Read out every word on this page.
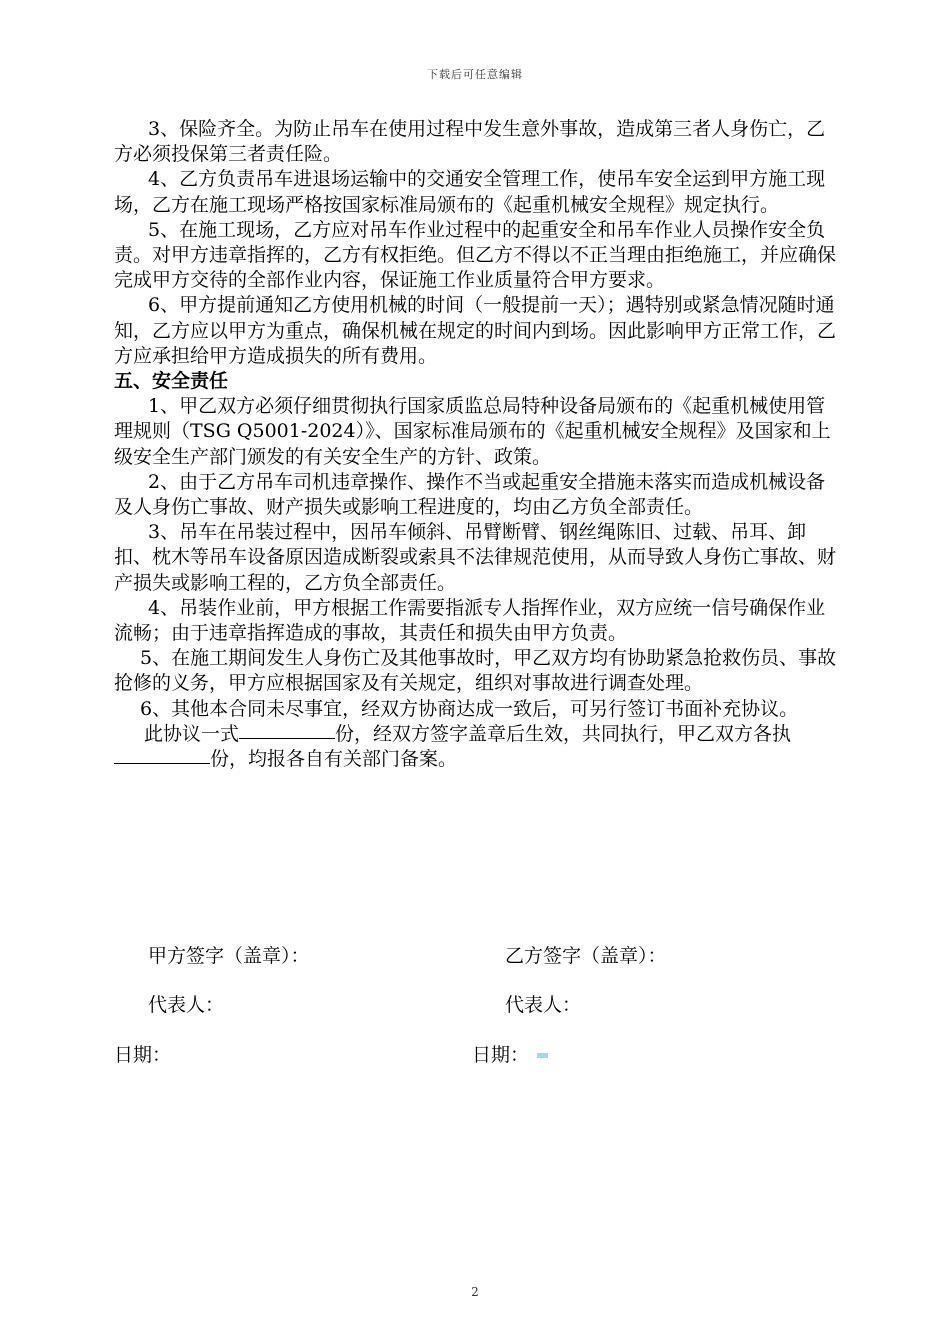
下载后可任意编辑

3、保险齐全。为防止吊车在使用过程中发生意外事故，造成第三者人身伤亡，乙方必须投保第三者责任险。

4、乙方负责吊车进退场运输中的交通安全管理工作，使吊车安全运到甲方施工现场，乙方在施工现场严格按国家标准局颁布的《起重机械安全规程》规定执行。

5、在施工现场，乙方应对吊车作业过程中的起重安全和吊车作业人员操作安全负责。对甲方违章指挥的，乙方有权拒绝。但乙方不得以不正当理由拒绝施工，并应确保完成甲方交待的全部作业内容，保证施工作业质量符合甲方要求。

6、甲方提前通知乙方使用机械的时间（一般提前一天）；遇特别或紧急情况随时通知，乙方应以甲方为重点，确保机械在规定的时间内到场。因此影响甲方正常工作，乙方应承担给甲方造成损失的所有费用。

五、安全责任

1、甲乙双方必须仔细贯彻执行国家质监总局特种设备局颁布的《起重机械使用管理规则（TSG Q5001-2024）》、国家标准局颁布的《起重机械安全规程》及国家和上级安全生产部门颁发的有关安全生产的方针、政策。

2、由于乙方吊车司机违章操作、操作不当或起重安全措施未落实而造成机械设备及人身伤亡事故、财产损失或影响工程进度的，均由乙方负全部责任。

3、吊车在吊装过程中，因吊车倾斜、吊臂断臂、钢丝绳陈旧、过载、吊耳、卸扣、枕木等吊车设备原因造成断裂或索具不法律规范使用，从而导致人身伤亡事故、财产损失或影响工程的，乙方负全部责任。

4、吊装作业前，甲方根据工作需要指派专人指挥作业，双方应统一信号确保作业流畅；由于违章指挥造成的事故，其责任和损失由甲方负责。

5、在施工期间发生人身伤亡及其他事故时，甲乙双方均有协助紧急抢救伤员、事故抢修的义务，甲方应根据国家及有关规定，组织对事故进行调查处理。

6、其他本合同未尽事宜，经双方协商达成一致后，可另行签订书面补充协议。

此协议一式	份，经双方签字盖章后生效，共同执行，甲乙双方各执份，均报各自有关部门备案。

甲方签字（盖章）：	乙方签字（盖章）：
代表人：	代表人：
日期：	日期：
2
